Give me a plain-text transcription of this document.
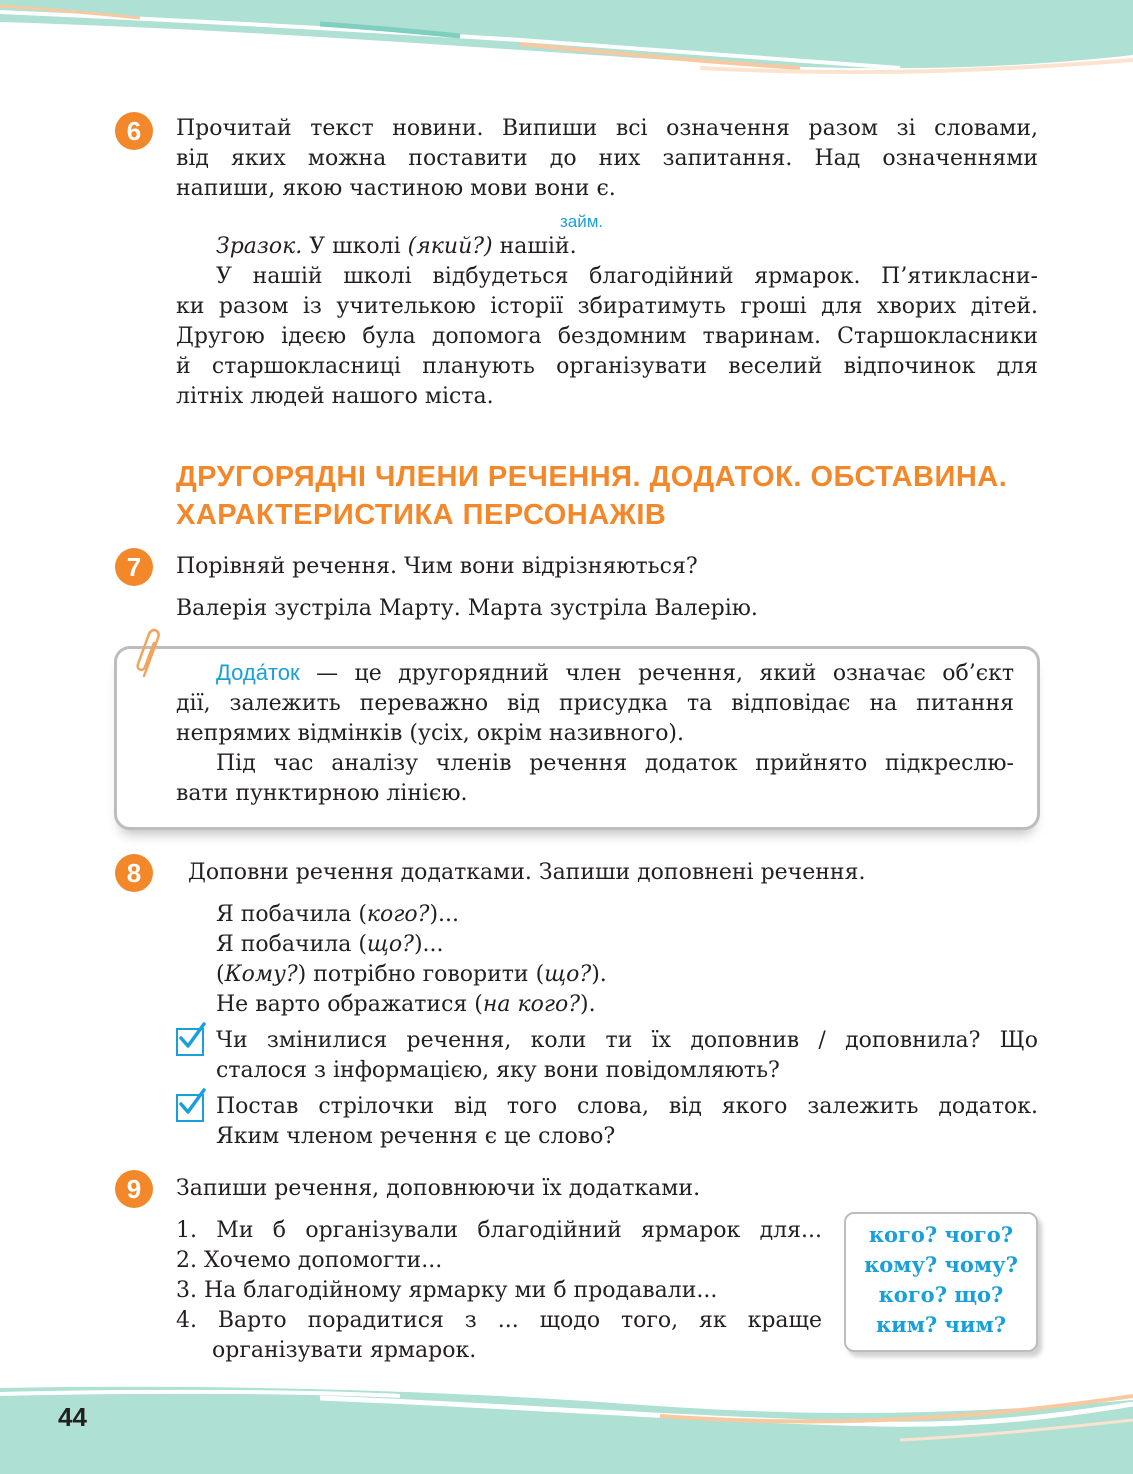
6	Прочитай текст новини. Випиши всі означення разом зі словами,
від яких можна поставити до них запитання. Над означеннями
напиши, якою частиною мови вони є.
займ.
Зразок. У школі (який?) нашій.
У нашій школі відбудеться благодійний ярмарок. П’ятикласни-
ки разом із учителькою історії збиратимуть гроші для хворих дітей.
Другою ідеєю була допомога бездомним тваринам. Старшокласники
й старшокласниці планують організувати веселий відпочинок для
літніх людей нашого міста.
ДРУГОРЯДНІ ЧЛЕНИ РЕЧЕННЯ. ДОДАТОК. ОБСТАВИНА.
ХАРАКТЕРИСТИКА ПЕРСОНАЖІВ
7	Порівняй речення. Чим вони відрізняються?
Валерія зустріла Марту. Марта зустріла Валерію.
Дода́ток — це другорядний член речення, який означає об’єкт
дії, залежить переважно від присудка та відповідає на питання
непрямих відмінків (усіх, окрім називного).
Під час аналізу членів речення додаток прийнято підкреслю-
вати пунктирною лінією.
8	Доповни речення додатками. Запиши доповнені речення.
Я побачила (кого?)...
Я побачила (що?)...
(Кому?) потрібно говорити (що?).
Не варто ображатися (на кого?).
Чи змінилися речення, коли ти їх доповнив / доповнила? Що
сталося з інформацією, яку вони повідомляють?
Постав стрілочки від того слова, від якого залежить додаток.
Яким членом речення є це слово?
9	Запиши речення, доповнюючи їх додатками.
1. Ми б організували благодійний ярмарок для...
2. Хочемо допомогти...
3. На благодійному ярмарку ми б продавали...
4. Варто порадитися з ... щодо того, як краще
організувати ярмарок.
кого? чого?
кому? чому?
кого? що?
ким? чим?
44
